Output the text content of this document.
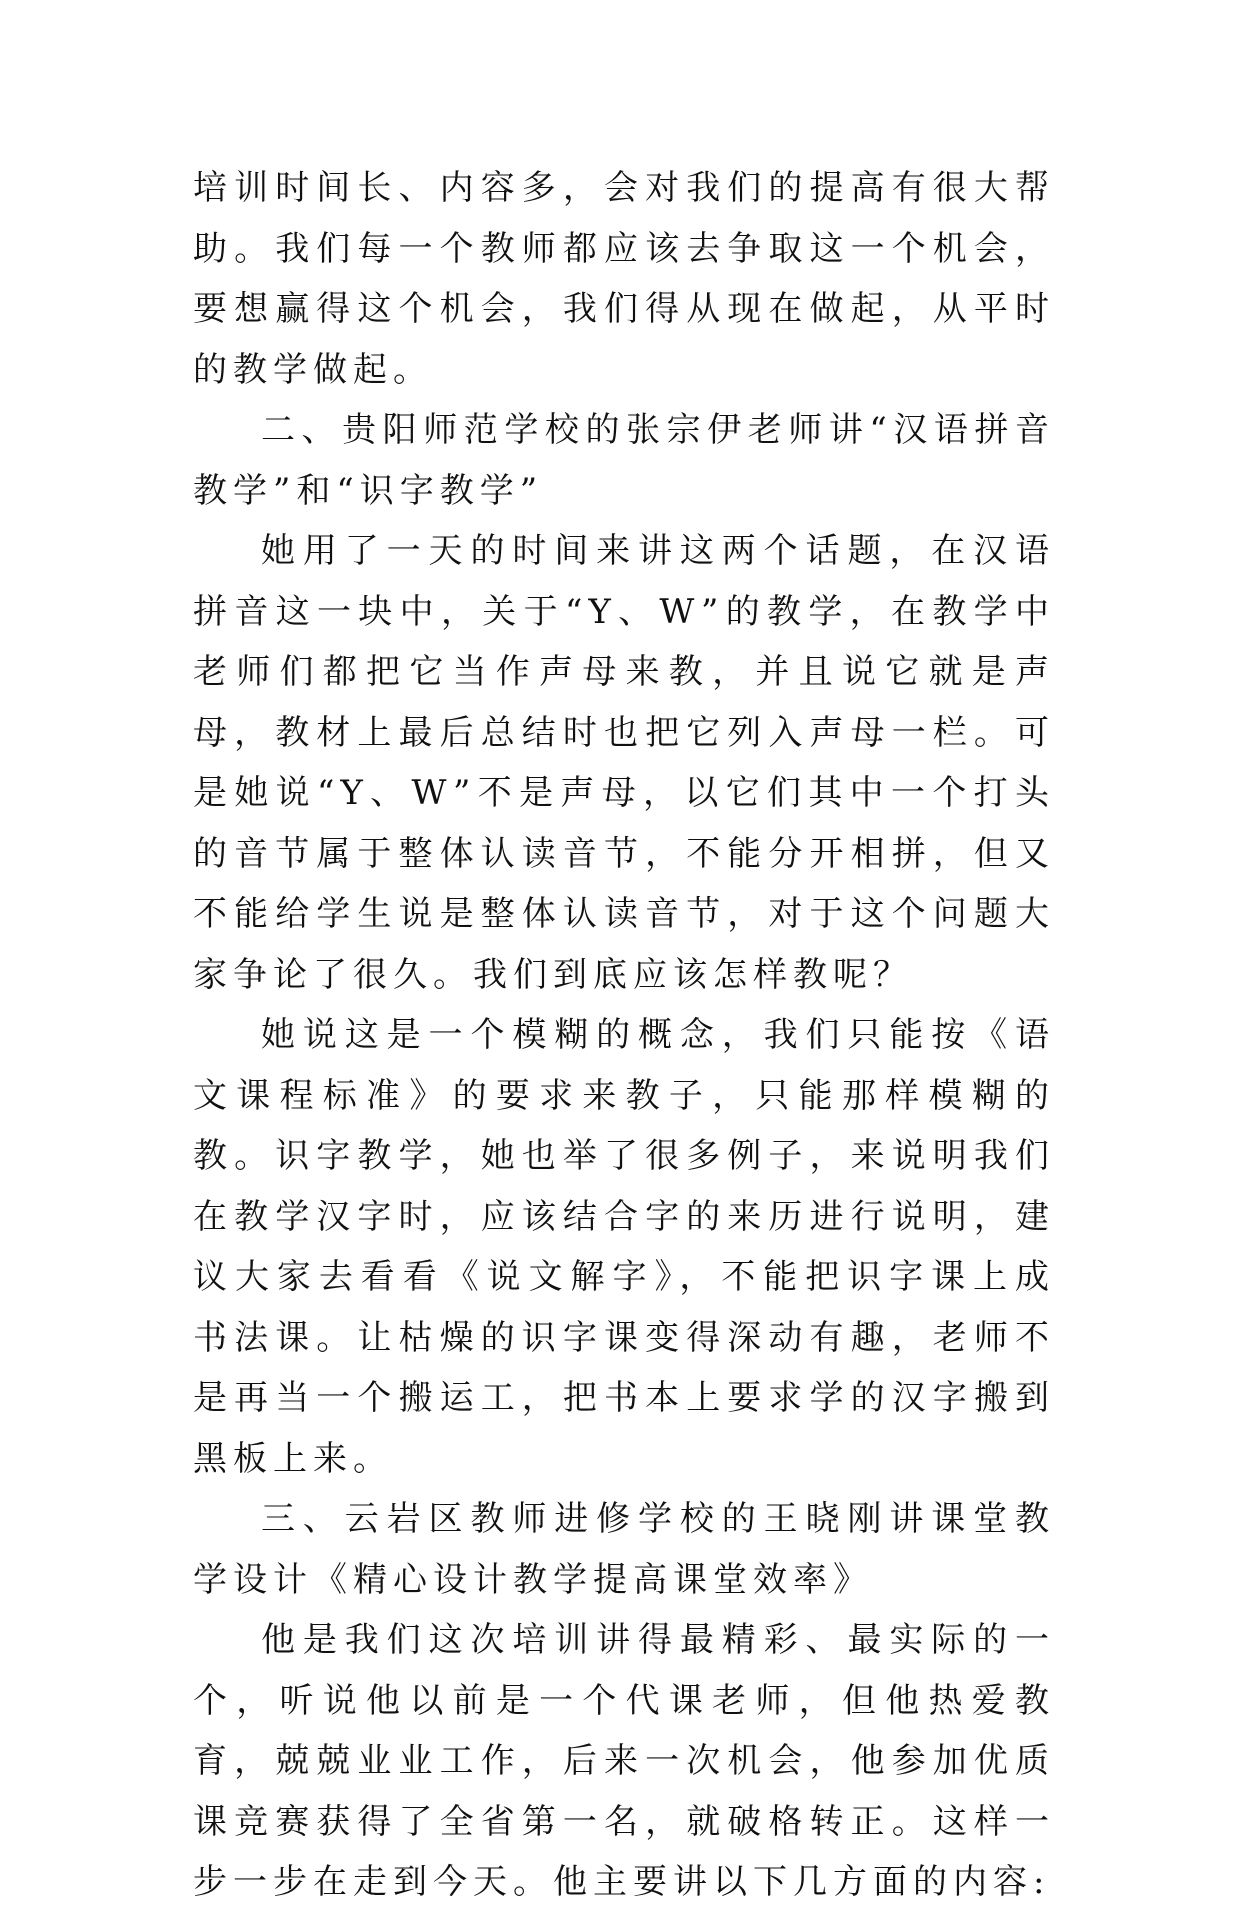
培训时间长、内容多，会对我们的提高有很大帮助。我们每一个教师都应该去争取这一个机会，要想赢得这个机会，我们得从现在做起，从平时的教学做起。

二、贵阳师范学校的张宗伊老师讲“汉语拼音教学”和“识字教学”

她用了一天的时间来讲这两个话题，在汉语拼音这一块中，关于“Y、W”的教学，在教学中老师们都把它当作声母来教，并且说它就是声母，教材上最后总结时也把它列入声母一栏。可是她说“Y、W”不是声母，以它们其中一个打头的音节属于整体认读音节，不能分开相拼，但又不能给学生说是整体认读音节，对于这个问题大家争论了很久。我们到底应该怎样教呢？

她说这是一个模糊的概念，我们只能按《语文课程标准》的要求来教子，只能那样模糊的教。识字教学，她也举了很多例子，来说明我们在教学汉字时，应该结合字的来历进行说明，建议大家去看看《说文解字》，不能把识字课上成书法课。让枯燥的识字课变得深动有趣，老师不是再当一个搬运工，把书本上要求学的汉字搬到黑板上来。

三、云岩区教师进修学校的王晓刚讲课堂教学设计《精心设计教学提高课堂效率》

他是我们这次培训讲得最精彩、最实际的一个，听说他以前是一个代课老师，但他热爱教育，兢兢业业工作，后来一次机会，他参加优质课竞赛获得了全省第一名，就破格转正。这样一步一步在走到今天。他主要讲以下几方面的内容:
